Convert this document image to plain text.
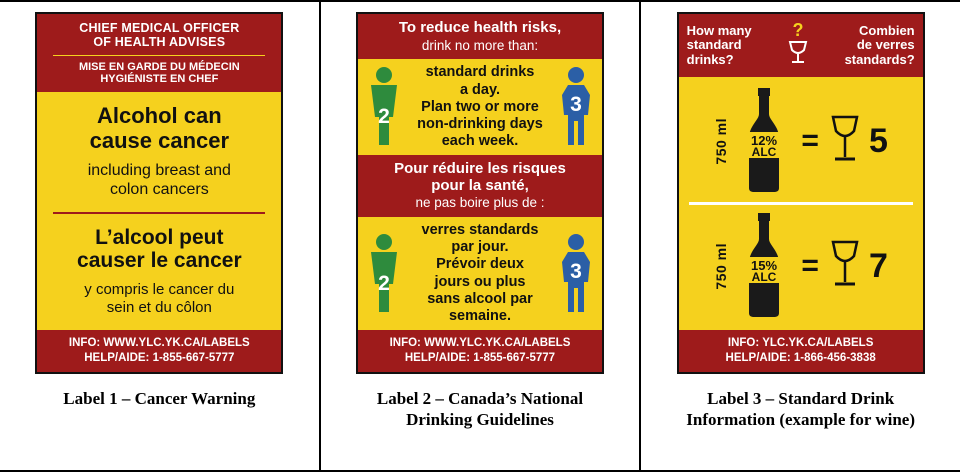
CHIEF MEDICAL OFFICER
OF HEALTH ADVISES
MISE EN GARDE DU MÉDECIN
HYGIÉNISTE EN CHEF
Alcohol can
cause cancer
including breast and
colon cancers
L’alcool peut
causer le cancer
y compris le cancer du
sein et du côlon
INFO: WWW.YLC.YK.CA/LABELS
HELP/AIDE: 1-855-667-5777
Label 1 – Cancer Warning
To reduce health risks,
drink no more than:
2
standard drinks
a day.
Plan two or more
non-drinking days
each week.
3
Pour réduire les risques
pour la santé,
ne pas boire plus de :
2
verres standards
par jour.
Prévoir deux
jours ou plus
sans alcool par
semaine.
3
INFO: WWW.YLC.YK.CA/LABELS
HELP/AIDE: 1-855-667-5777
Label 2 – Canada’s National
Drinking Guidelines
How many
standard
drinks?
?	Combien
de verres
standards?
750 ml 12%
ALC = 5
750 ml 15%
ALC = 7
INFO: YLC.YK.CA/LABELS
HELP/AIDE: 1-866-456-3838
Label 3 – Standard Drink
Information (example for wine)
